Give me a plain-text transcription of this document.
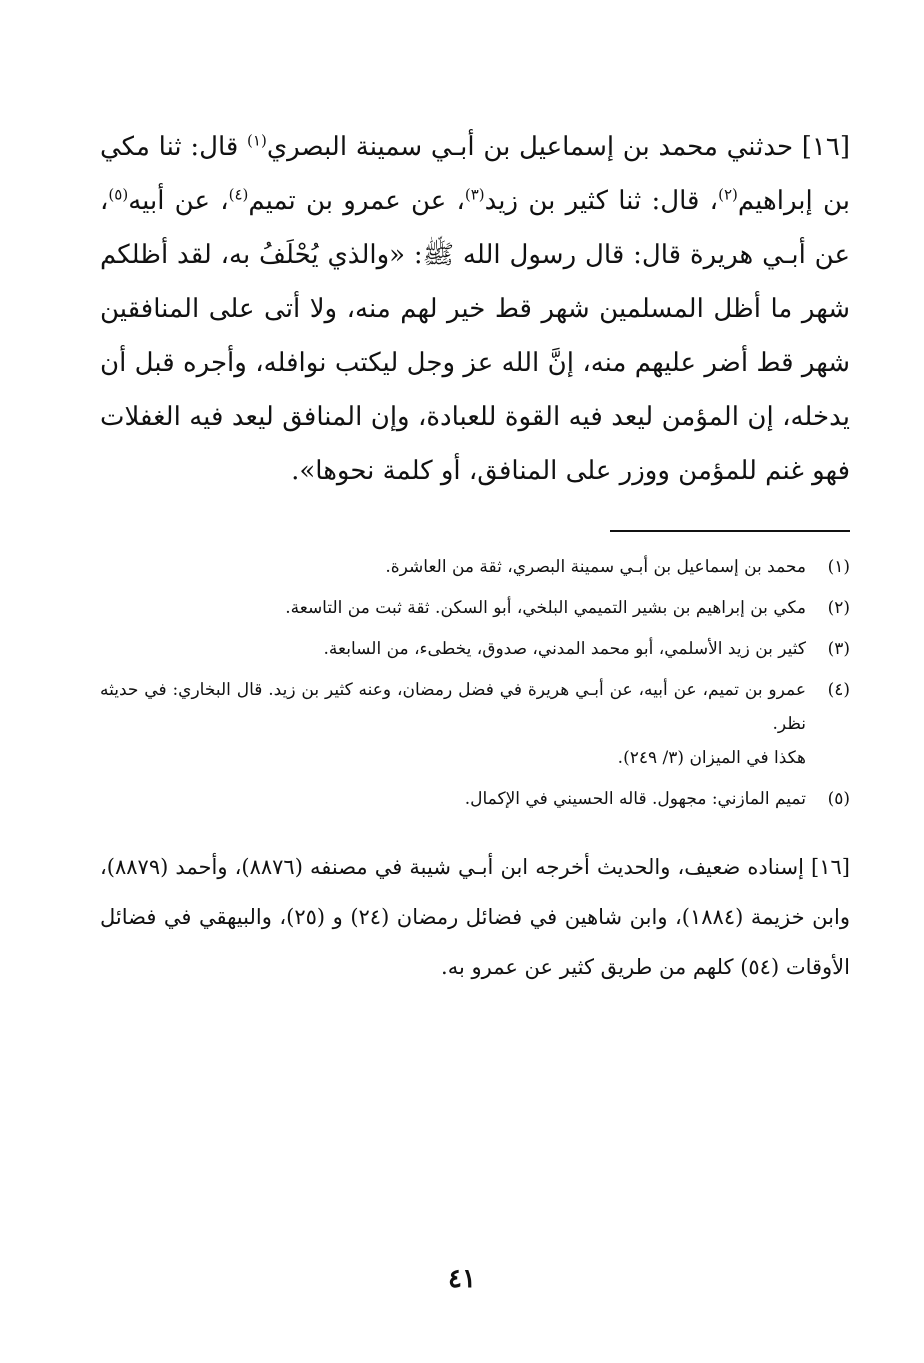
[١٦] حدثني محمد بن إسماعيل بن أبـي سمينة البصري$^{(١)}$ قال: ثنا مكي بن إبراهيم$^{(٢)}$، قال: ثنا كثير بن زيد$^{(٣)}$، عن عمرو بن تميم$^{(٤)}$، عن أبيه$^{(٥)}$، عن أبـي هريرة قال: قال رسول الله ﷺ: «والذي يُحْلَفُ به، لقد أظلكم شهر ما أظل المسلمين شهر قط خير لهم منه، ولا أتى على المنافقين شهر قط أضر عليهم منه، إنَّ الله عز وجل ليكتب نوافله، وأجره قبل أن يدخله، إن المؤمن ليعد فيه القوة للعبادة، وإن المنافق ليعد فيه الغفلات فهو غنم للمؤمن ووزر على المنافق، أو كلمة نحوها».

(١)

محمد بن إسماعيل بن أبـي سمينة البصري، ثقة من العاشرة.

(٢)

مكي بن إبراهيم بن بشير التميمي البلخي، أبو السكن. ثقة ثبت من التاسعة.

(٣)

كثير بن زيد الأسلمي، أبو محمد المدني، صدوق، يخطىء، من السابعة.

(٤)

عمرو بن تميم، عن أبيه، عن أبـي هريرة في فضل رمضان، وعنه كثير بن زيد. قال البخاري: في حديثه نظر.

هكذا في الميزان (٣/ ٢٤٩).

(٥)

تميم المازني: مجهول. قاله الحسيني في الإكمال.

[١٦] إسناده ضعيف، والحديث أخرجه ابن أبـي شيبة في مصنفه (٨٨٧٦)، وأحمد (٨٨٧٩)، وابن خزيمة (١٨٨٤)، وابن شاهين في فضائل رمضان (٢٤) و (٢٥)، والبيهقي في فضائل الأوقات (٥٤) كلهم من طريق كثير عن عمرو به.

٤١
